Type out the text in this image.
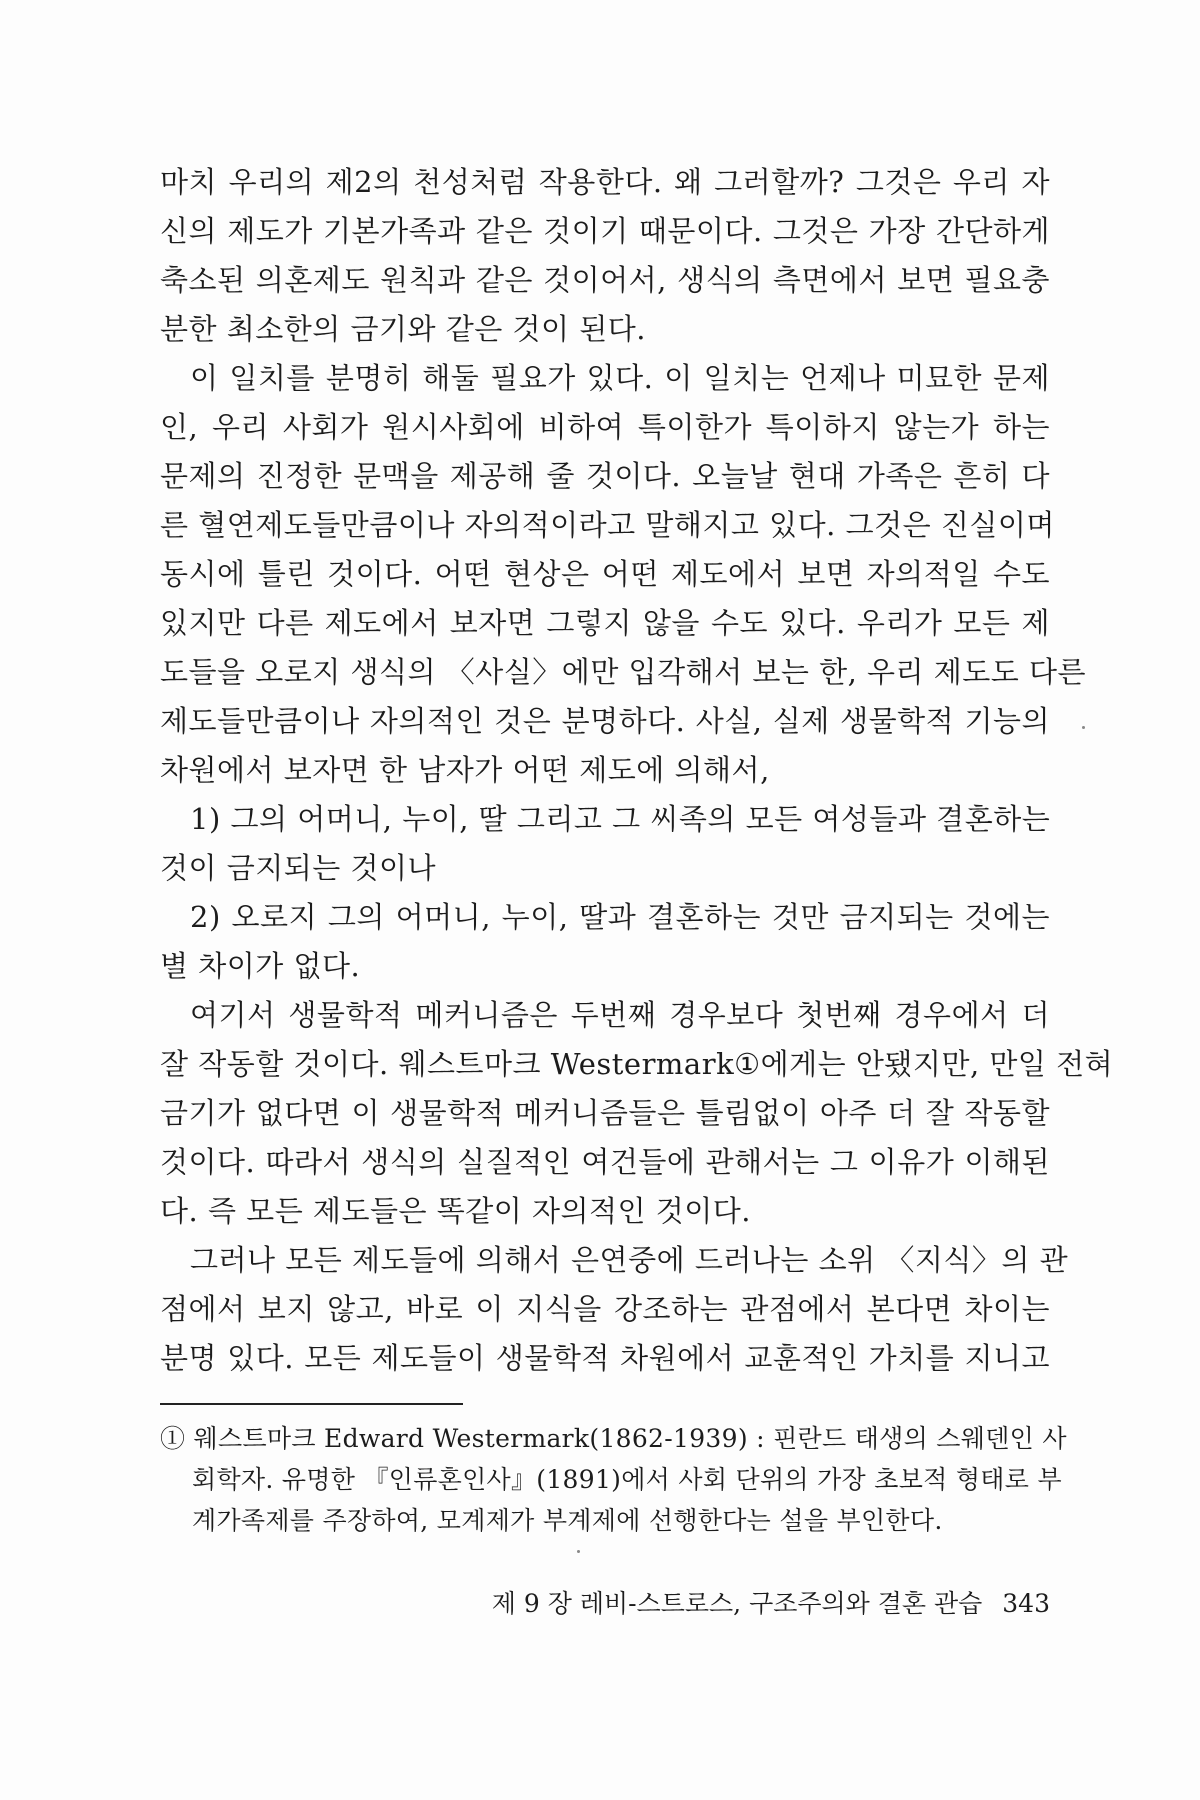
마치 우리의 제2의 천성처럼 작용한다. 왜 그러할까? 그것은 우리 자
신의 제도가 기본가족과 같은 것이기 때문이다. 그것은 가장 간단하게
축소된 의혼제도 원칙과 같은 것이어서, 생식의 측면에서 보면 필요충
분한 최소한의 금기와 같은 것이 된다.
이 일치를 분명히 해둘 필요가 있다. 이 일치는 언제나 미묘한 문제
인, 우리 사회가 원시사회에 비하여 특이한가 특이하지 않는가 하는
문제의 진정한 문맥을 제공해 줄 것이다. 오늘날 현대 가족은 흔히 다
른 혈연제도들만큼이나 자의적이라고 말해지고 있다. 그것은 진실이며
동시에 틀린 것이다. 어떤 현상은 어떤 제도에서 보면 자의적일 수도
있지만 다른 제도에서 보자면 그렇지 않을 수도 있다. 우리가 모든 제
도들을 오로지 생식의 〈사실〉에만 입각해서 보는 한, 우리 제도도 다른
제도들만큼이나 자의적인 것은 분명하다. 사실, 실제 생물학적 기능의
차원에서 보자면 한 남자가 어떤 제도에 의해서,
1) 그의 어머니, 누이, 딸 그리고 그 씨족의 모든 여성들과 결혼하는
것이 금지되는 것이나
2) 오로지 그의 어머니, 누이, 딸과 결혼하는 것만 금지되는 것에는
별 차이가 없다.
여기서 생물학적 메커니즘은 두번째 경우보다 첫번째 경우에서 더
잘 작동할 것이다. 웨스트마크 Westermark①에게는 안됐지만, 만일 전혀
금기가 없다면 이 생물학적 메커니즘들은 틀림없이 아주 더 잘 작동할
것이다. 따라서 생식의 실질적인 여건들에 관해서는 그 이유가 이해된
다. 즉 모든 제도들은 똑같이 자의적인 것이다.
그러나 모든 제도들에 의해서 은연중에 드러나는 소위 〈지식〉의 관
점에서 보지 않고, 바로 이 지식을 강조하는 관점에서 본다면 차이는
분명 있다. 모든 제도들이 생물학적 차원에서 교훈적인 가치를 지니고
① 웨스트마크 Edward Westermark(1862-1939) : 핀란드 태생의 스웨덴인 사
회학자. 유명한 『인류혼인사』(1891)에서 사회 단위의 가장 초보적 형태로 부
계가족제를 주장하여, 모계제가 부계제에 선행한다는 설을 부인한다.
제 9 장 레비-스트로스, 구조주의와 결혼 관습 343
